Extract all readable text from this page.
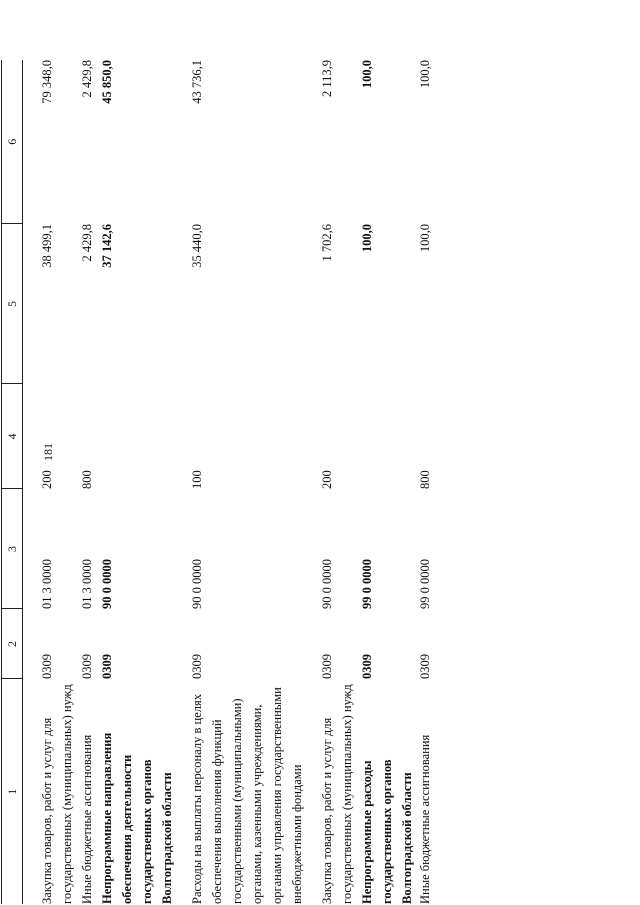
181
1	2	3	4	5	6
Закупка товаров, работ и услуг для государственных (муниципальных) нужд	0309	01 3 0000	200	38 499,1	79 348,0
Иные бюджетные ассигнования	0309	01 3 0000	800	2 429,8	2 429,8
Непрограммные направления обеспечения деятельности государственных органов Волгоградской области	0309	90 0 0000		37 142,6	45 850,0
Расходы на выплаты персоналу в целях обеспечения выполнения функций государственными (муниципальными) органами, казенными учреждениями, органами управления государственными внебюджетными фондами	0309	90 0 0000	100	35 440,0	43 736,1
Закупка товаров, работ и услуг для государственных (муниципальных) нужд	0309	90 0 0000	200	1 702,6	2 113,9
Непрограммные расходы государственных органов Волгоградской области	0309	99 0 0000		100,0	100,0
Иные бюджетные ассигнования	0309	99 0 0000	800	100,0	100,0
